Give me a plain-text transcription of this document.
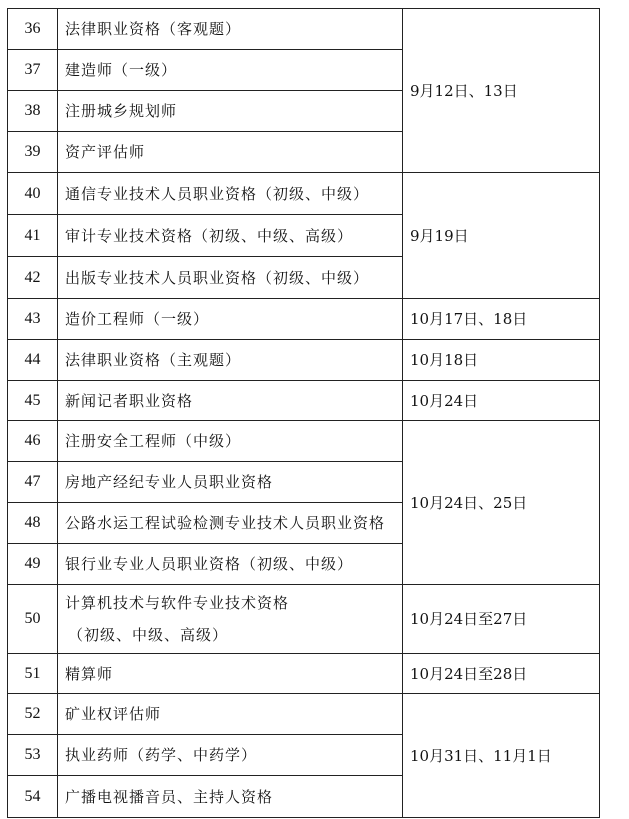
36	法律职业资格（客观题）	9月12日、13日
37	建造师（一级）	
38	注册城乡规划师	
39	资产评估师	
40	通信专业技术人员职业资格（初级、中级）	9月19日
41	审计专业技术资格（初级、中级、高级）	
42	出版专业技术人员职业资格（初级、中级）	
43	造价工程师（一级）	10月17日、18日
44	法律职业资格（主观题）	10月18日
45	新闻记者职业资格	10月24日
46	注册安全工程师（中级）	10月24日、25日
47	房地产经纪专业人员职业资格	
48	公路水运工程试验检测专业技术人员职业资格	
49	银行业专业人员职业资格（初级、中级）	
50	计算机技术与软件专业技术资格
（初级、中级、高级）	10月24日至27日
51	精算师	10月24日至28日
52	矿业权评估师	10月31日、11月1日
53	执业药师（药学、中药学）	
54	广播电视播音员、主持人资格	
